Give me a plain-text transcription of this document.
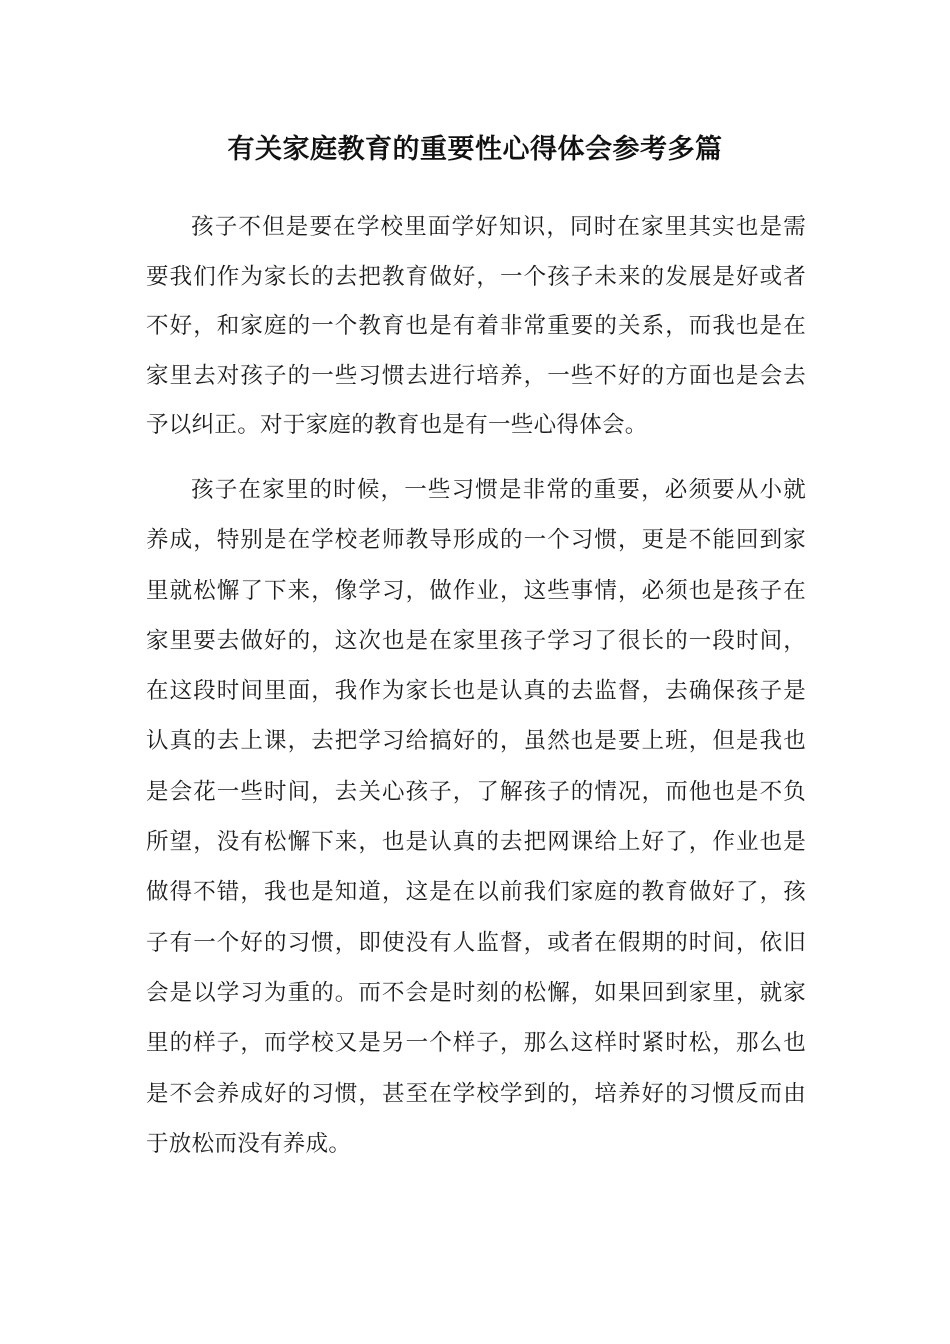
有关家庭教育的重要性心得体会参考多篇

孩子不但是要在学校里面学好知识，同时在家里其实也是需要我们作为家长的去把教育做好，一个孩子未来的发展是好或者不好，和家庭的一个教育也是有着非常重要的关系，而我也是在家里去对孩子的一些习惯去进行培养，一些不好的方面也是会去予以纠正。对于家庭的教育也是有一些心得体会。

孩子在家里的时候，一些习惯是非常的重要，必须要从小就养成，特别是在学校老师教导形成的一个习惯，更是不能回到家里就松懈了下来，像学习，做作业，这些事情，必须也是孩子在家里要去做好的，这次也是在家里孩子学习了很长的一段时间，在这段时间里面，我作为家长也是认真的去监督，去确保孩子是认真的去上课，去把学习给搞好的，虽然也是要上班，但是我也是会花一些时间，去关心孩子，了解孩子的情况，而他也是不负所望，没有松懈下来，也是认真的去把网课给上好了，作业也是做得不错，我也是知道，这是在以前我们家庭的教育做好了，孩子有一个好的习惯，即使没有人监督，或者在假期的时间，依旧会是以学习为重的。而不会是时刻的松懈，如果回到家里，就家里的样子，而学校又是另一个样子，那么这样时紧时松，那么也是不会养成好的习惯，甚至在学校学到的，培养好的习惯反而由于放松而没有养成。
